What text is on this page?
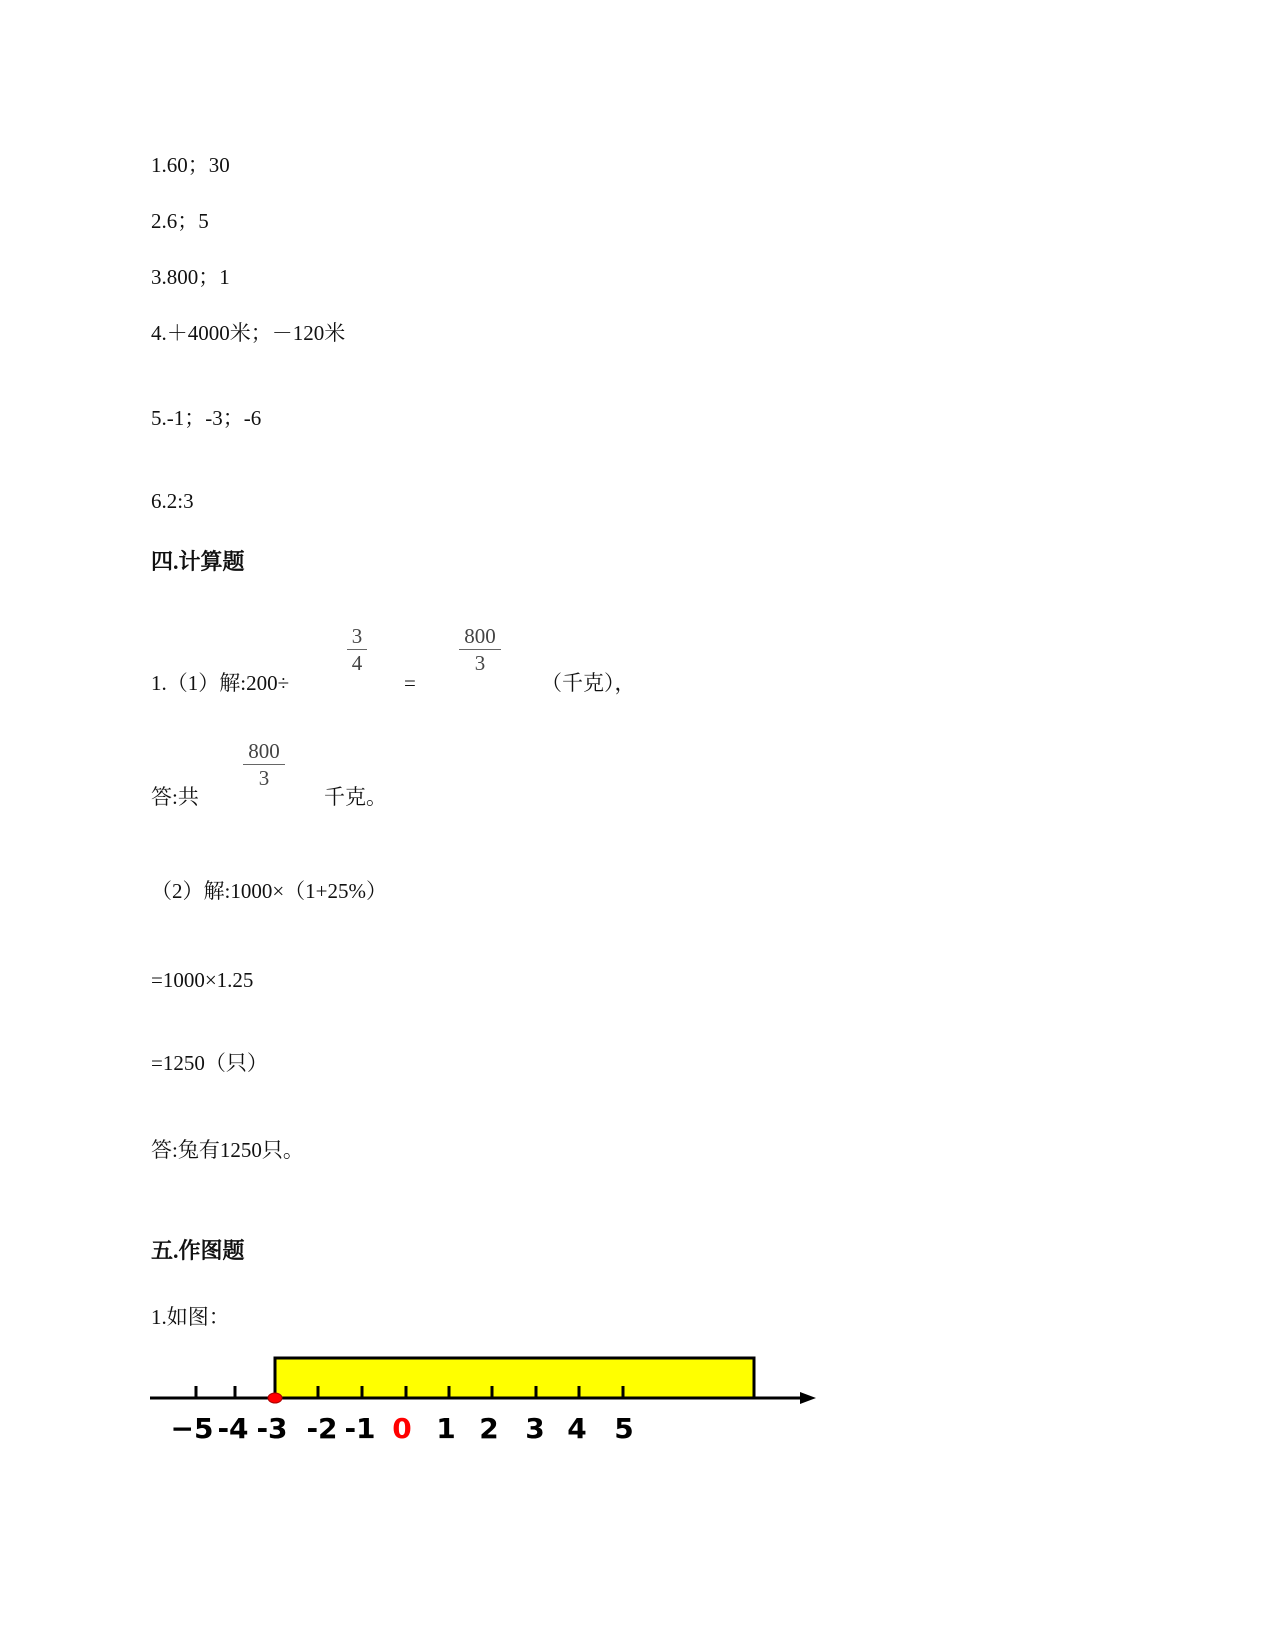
1.60；30
2.6；5
3.800；1
4.＋4000米；－120米
5.-1；-3；-6
6.2:3
四.计算题
1.（1）解:200÷
3
4
=
800
3
（千克），
答:共
800
3
千克。
（2）解:1000×（1+25%）
=1000×1.25
=1250（只）
答:兔有1250只。
五.作图题
1.如图：
−5 -4 -3 -2 -1 0 1 2 3 4 5
